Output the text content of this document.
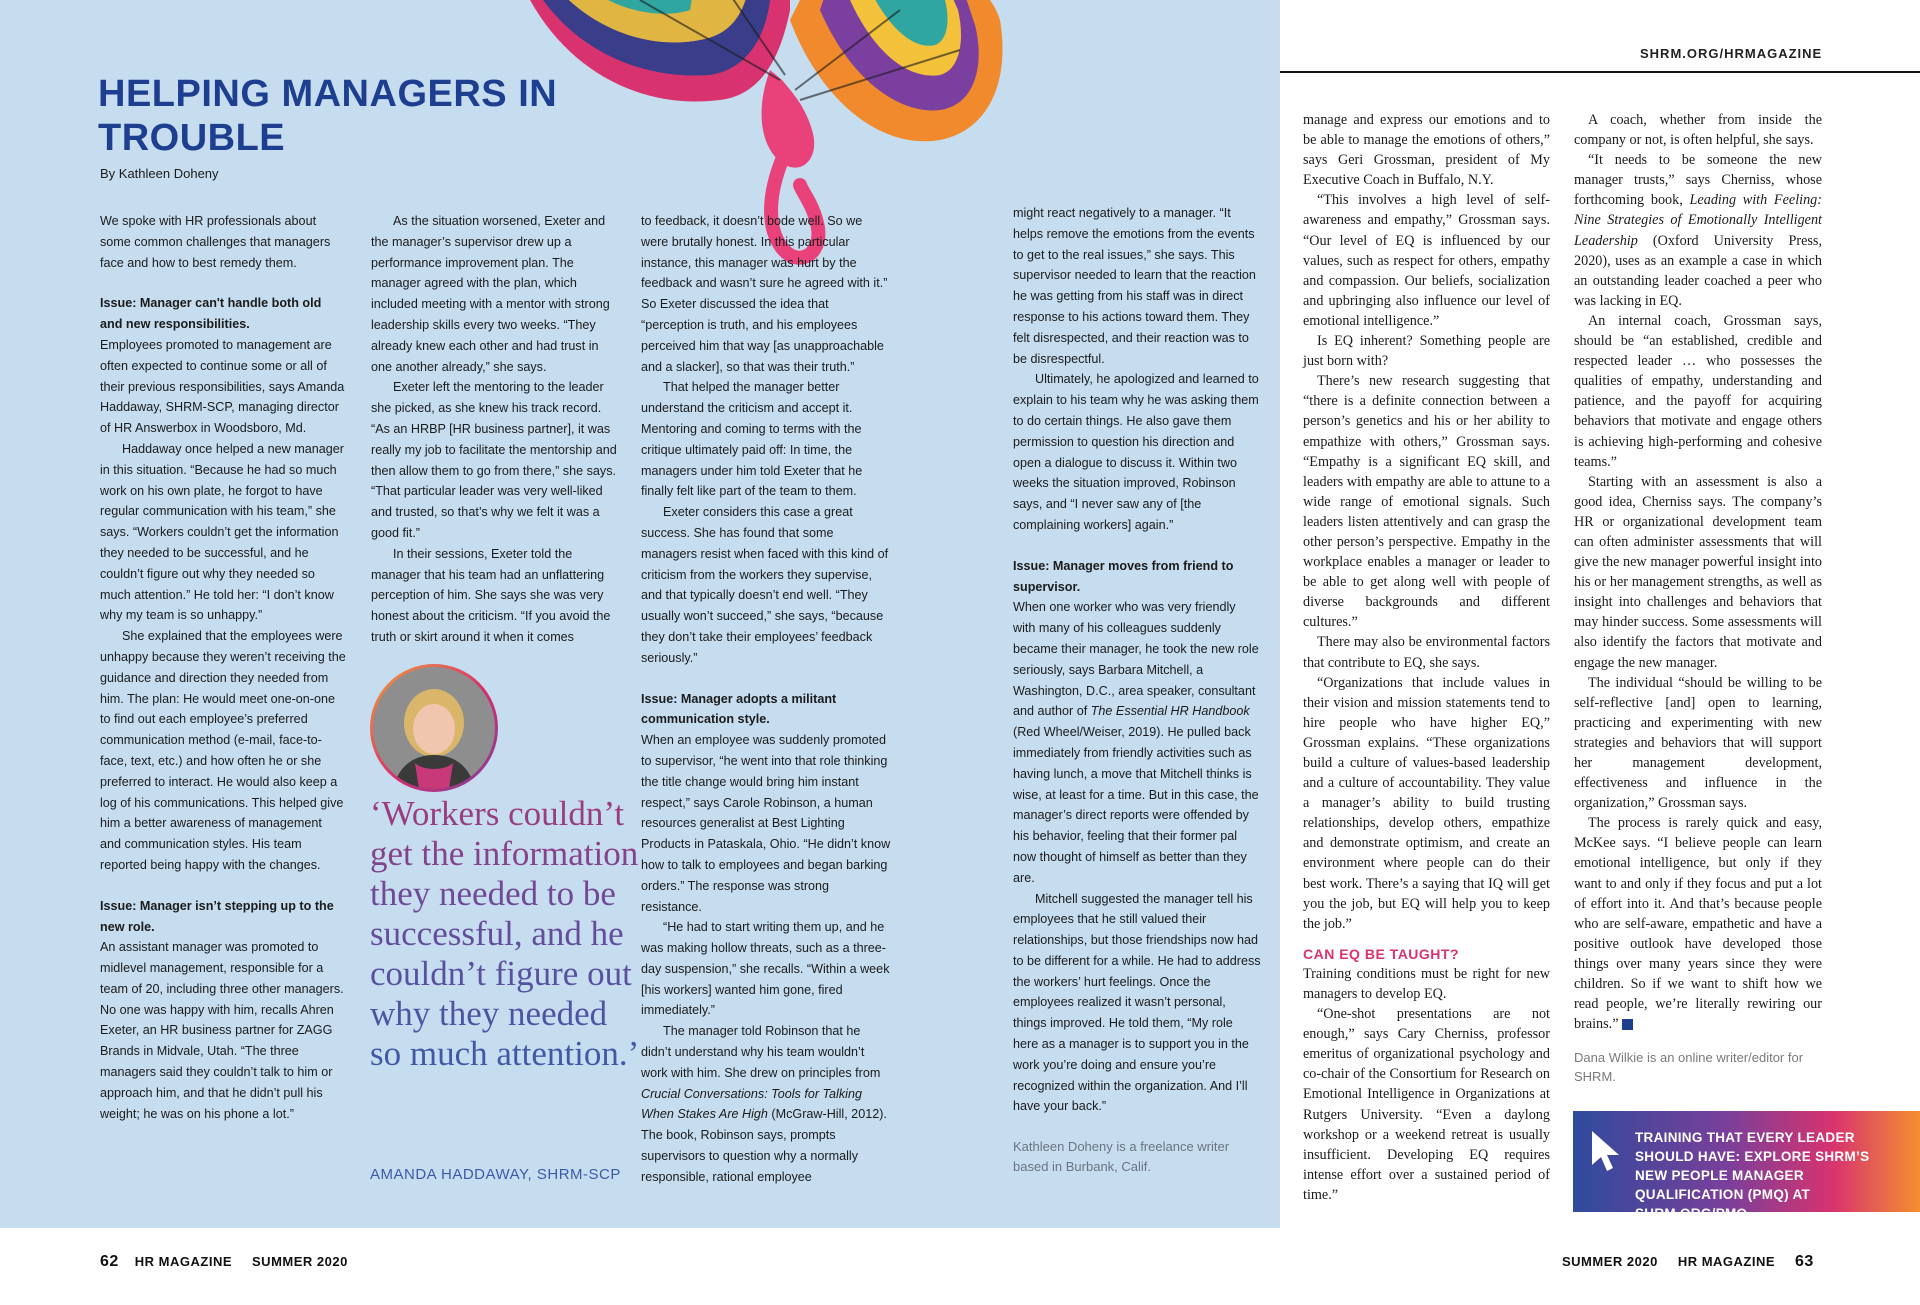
HELPING MANAGERS IN TROUBLE
By Kathleen Doheny

We spoke with HR professionals about some common challenges that managers face and how to best remedy them.

Issue: Manager can't handle both old and new responsibilities.

Employees promoted to management are often expected to continue some or all of their previous responsibilities, says Amanda Haddaway, SHRM-SCP, managing director of HR Answerbox in Woodsboro, Md.

Haddaway once helped a new manager in this situation. “Because he had so much work on his own plate, he forgot to have regular communication with his team,” she says. “Workers couldn’t get the information they needed to be successful, and he couldn’t figure out why they needed so much attention.” He told her: “I don’t know why my team is so unhappy.”

She explained that the employees were unhappy because they weren’t receiving the guidance and direction they needed from him. The plan: He would meet one-on-one to find out each employee’s preferred communication method (e-mail, face-to-face, text, etc.) and how often he or she preferred to interact. He would also keep a log of his communications. This helped give him a better awareness of management and communication styles. His team reported being happy with the changes.

Issue: Manager isn’t stepping up to the new role.

An assistant manager was promoted to midlevel management, responsible for a team of 20, including three other managers. No one was happy with him, recalls Ahren Exeter, an HR business partner for ZAGG Brands in Midvale, Utah. “The three managers said they couldn’t talk to him or approach him, and that he didn’t pull his weight; he was on his phone a lot.”

As the situation worsened, Exeter and the manager’s supervisor drew up a performance improvement plan. The manager agreed with the plan, which included meeting with a mentor with strong leadership skills every two weeks. “They already knew each other and had trust in one another already,” she says.

Exeter left the mentoring to the leader she picked, as she knew his track record. “As an HRBP [HR business partner], it was really my job to facilitate the mentorship and then allow them to go from there,” she says. “That particular leader was very well-liked and trusted, so that’s why we felt it was a good fit.”

In their sessions, Exeter told the manager that his team had an unflattering perception of him. She says she was very honest about the criticism. “If you avoid the truth or skirt around it when it comes

‘Workers couldn’t get the information they needed to be successful, and he couldn’t figure out why they needed so much attention.’
AMANDA HADDAWAY, SHRM-SCP

to feedback, it doesn’t bode well. So we were brutally honest. In this particular instance, this manager was hurt by the feedback and wasn’t sure he agreed with it.” So Exeter discussed the idea that “perception is truth, and his employees perceived him that way [as unapproachable and a slacker], so that was their truth.”

That helped the manager better understand the criticism and accept it. Mentoring and coming to terms with the critique ultimately paid off: In time, the managers under him told Exeter that he finally felt like part of the team to them.

Exeter considers this case a great success. She has found that some managers resist when faced with this kind of criticism from the workers they supervise, and that typically doesn’t end well. “They usually won’t succeed,” she says, “because they don’t take their employees’ feedback seriously.”

Issue: Manager adopts a militant communication style.

When an employee was suddenly promoted to supervisor, “he went into that role thinking the title change would bring him instant respect,” says Carole Robinson, a human resources generalist at Best Lighting Products in Pataskala, Ohio. “He didn’t know how to talk to employees and began barking orders.” The response was strong resistance.

“He had to start writing them up, and he was making hollow threats, such as a three-day suspension,” she recalls. “Within a week [his workers] wanted him gone, fired immediately.”

The manager told Robinson that he didn’t understand why his team wouldn’t work with him. She drew on principles from Crucial Conversations: Tools for Talking When Stakes Are High (McGraw-Hill, 2012). The book, Robinson says, prompts supervisors to question why a normally responsible, rational employee

might react negatively to a manager. “It helps remove the emotions from the events to get to the real issues,” she says. This supervisor needed to learn that the reaction he was getting from his staff was in direct response to his actions toward them. They felt disrespected, and their reaction was to be disrespectful.

Ultimately, he apologized and learned to explain to his team why he was asking them to do certain things. He also gave them permission to question his direction and open a dialogue to discuss it. Within two weeks the situation improved, Robinson says, and “I never saw any of [the complaining workers] again.”

Issue: Manager moves from friend to supervisor.

When one worker who was very friendly with many of his colleagues suddenly became their manager, he took the new role seriously, says Barbara Mitchell, a Washington, D.C., area speaker, consultant and author of The Essential HR Handbook (Red Wheel/Weiser, 2019). He pulled back immediately from friendly activities such as having lunch, a move that Mitchell thinks is wise, at least for a time. But in this case, the manager’s direct reports were offended by his behavior, feeling that their former pal now thought of himself as better than they are.

Mitchell suggested the manager tell his employees that he still valued their relationships, but those friendships now had to be different for a while. He had to address the workers’ hurt feelings. Once the employees realized it wasn’t personal, things improved. He told them, “My role here as a manager is to support you in the work you’re doing and ensure you’re recognized within the organization. And I’ll have your back.”

Kathleen Doheny is a freelance writer based in Burbank, Calif.

SHRM.ORG/HRMAGAZINE

manage and express our emotions and to be able to manage the emotions of others,” says Geri Grossman, president of My Executive Coach in Buffalo, N.Y.

“This involves a high level of self-awareness and empathy,” Grossman says. “Our level of EQ is influenced by our values, such as respect for others, empathy and compassion. Our beliefs, socialization and upbringing also influence our level of emotional intelligence.”

Is EQ inherent? Something people are just born with?

There’s new research suggesting that “there is a definite connection between a person’s genetics and his or her ability to empathize with others,” Grossman says. “Empathy is a significant EQ skill, and leaders with empathy are able to attune to a wide range of emotional signals. Such leaders listen attentively and can grasp the other person’s perspective. Empathy in the workplace enables a manager or leader to be able to get along well with people of diverse backgrounds and different cultures.”

There may also be environmental factors that contribute to EQ, she says.

“Organizations that include values in their vision and mission statements tend to hire people who have higher EQ,” Grossman explains. “These organizations build a culture of values-based leadership and a culture of accountability. They value a manager’s ability to build trusting relationships, develop others, empathize and demonstrate optimism, and create an environment where people can do their best work. There’s a saying that IQ will get you the job, but EQ will help you to keep the job.”

CAN EQ BE TAUGHT?

Training conditions must be right for new managers to develop EQ.

“One-shot presentations are not enough,” says Cary Cherniss, professor emeritus of organizational psychology and co-chair of the Consortium for Research on Emotional Intelligence in Organizations at Rutgers University. “Even a daylong workshop or a weekend retreat is usually insufficient. Developing EQ requires intense effort over a sustained period of time.”

A coach, whether from inside the company or not, is often helpful, she says.

“It needs to be someone the new manager trusts,” says Cherniss, whose forthcoming book, Leading with Feeling: Nine Strategies of Emotionally Intelligent Leadership (Oxford University Press, 2020), uses as an example a case in which an outstanding leader coached a peer who was lacking in EQ.

An internal coach, Grossman says, should be “an established, credible and respected leader … who possesses the qualities of empathy, understanding and patience, and the payoff for acquiring behaviors that motivate and engage others is achieving high-performing and cohesive teams.”

Starting with an assessment is also a good idea, Cherniss says. The company’s HR or organizational development team can often administer assessments that will give the new manager powerful insight into his or her management strengths, as well as insight into challenges and behaviors that may hinder success. Some assessments will also identify the factors that motivate and engage the new manager.

The individual “should be willing to be self-reflective [and] open to learning, practicing and experimenting with new strategies and behaviors that will support her management development, effectiveness and influence in the organization,” Grossman says.

The process is rarely quick and easy, McKee says. “I believe people can learn emotional intelligence, but only if they want to and only if they focus and put a lot of effort into it. And that’s because people who are self-aware, empathetic and have a positive outlook have developed those things over many years since they were children. So if we want to shift how we read people, we’re literally rewiring our brains.”	HR

Dana Wilkie is an online writer/editor for SHRM.

TRAINING THAT EVERY LEADER SHOULD HAVE: EXPLORE SHRM’S NEW PEOPLE MANAGER QUALIFICATION (PMQ) AT SHRM.ORG/PMQ
62 HR MAGAZINE SUMMER 2020	SUMMER 2020 HR MAGAZINE 63
